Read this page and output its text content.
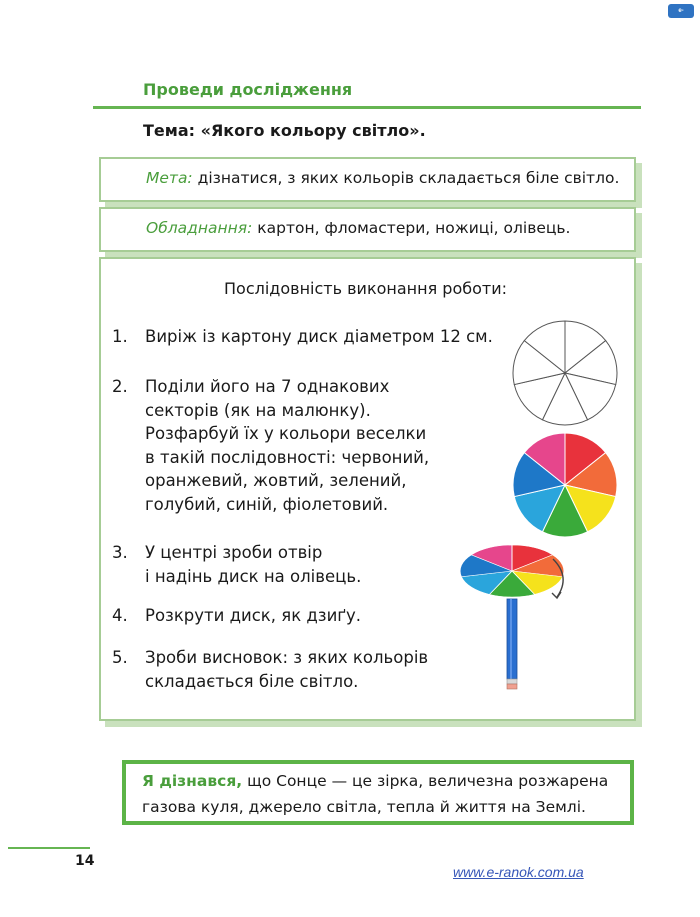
e-RANOK
Проведи дослідження
Тема: «Якого кольору світло».
Мета: дізнатися, з яких кольорів складається біле світло.
Обладнання: картон, фломастери, ножиці, олівець.
Послідовність виконання роботи:
1. Виріж із картону диск діаметром 12 см.
2. Поділи його на 7 однакових
секторів (як на малюнку).
Розфарбуй їх у кольори веселки
в такій послідовності: червоний,
оранжевий, жовтий, зелений,
голубий, синій, фіолетовий.
3. У центрі зроби отвір
і надінь диск на олівець.
4. Розкрути диск, як дзиґу.
5. Зроби висновок: з яких кольорів
складається біле світло.
Я дізнався, що Сонце — це зірка, величезна розжарена
газова куля, джерело світла, тепла й життя на Землі.
14
www.e-ranok.com.ua
